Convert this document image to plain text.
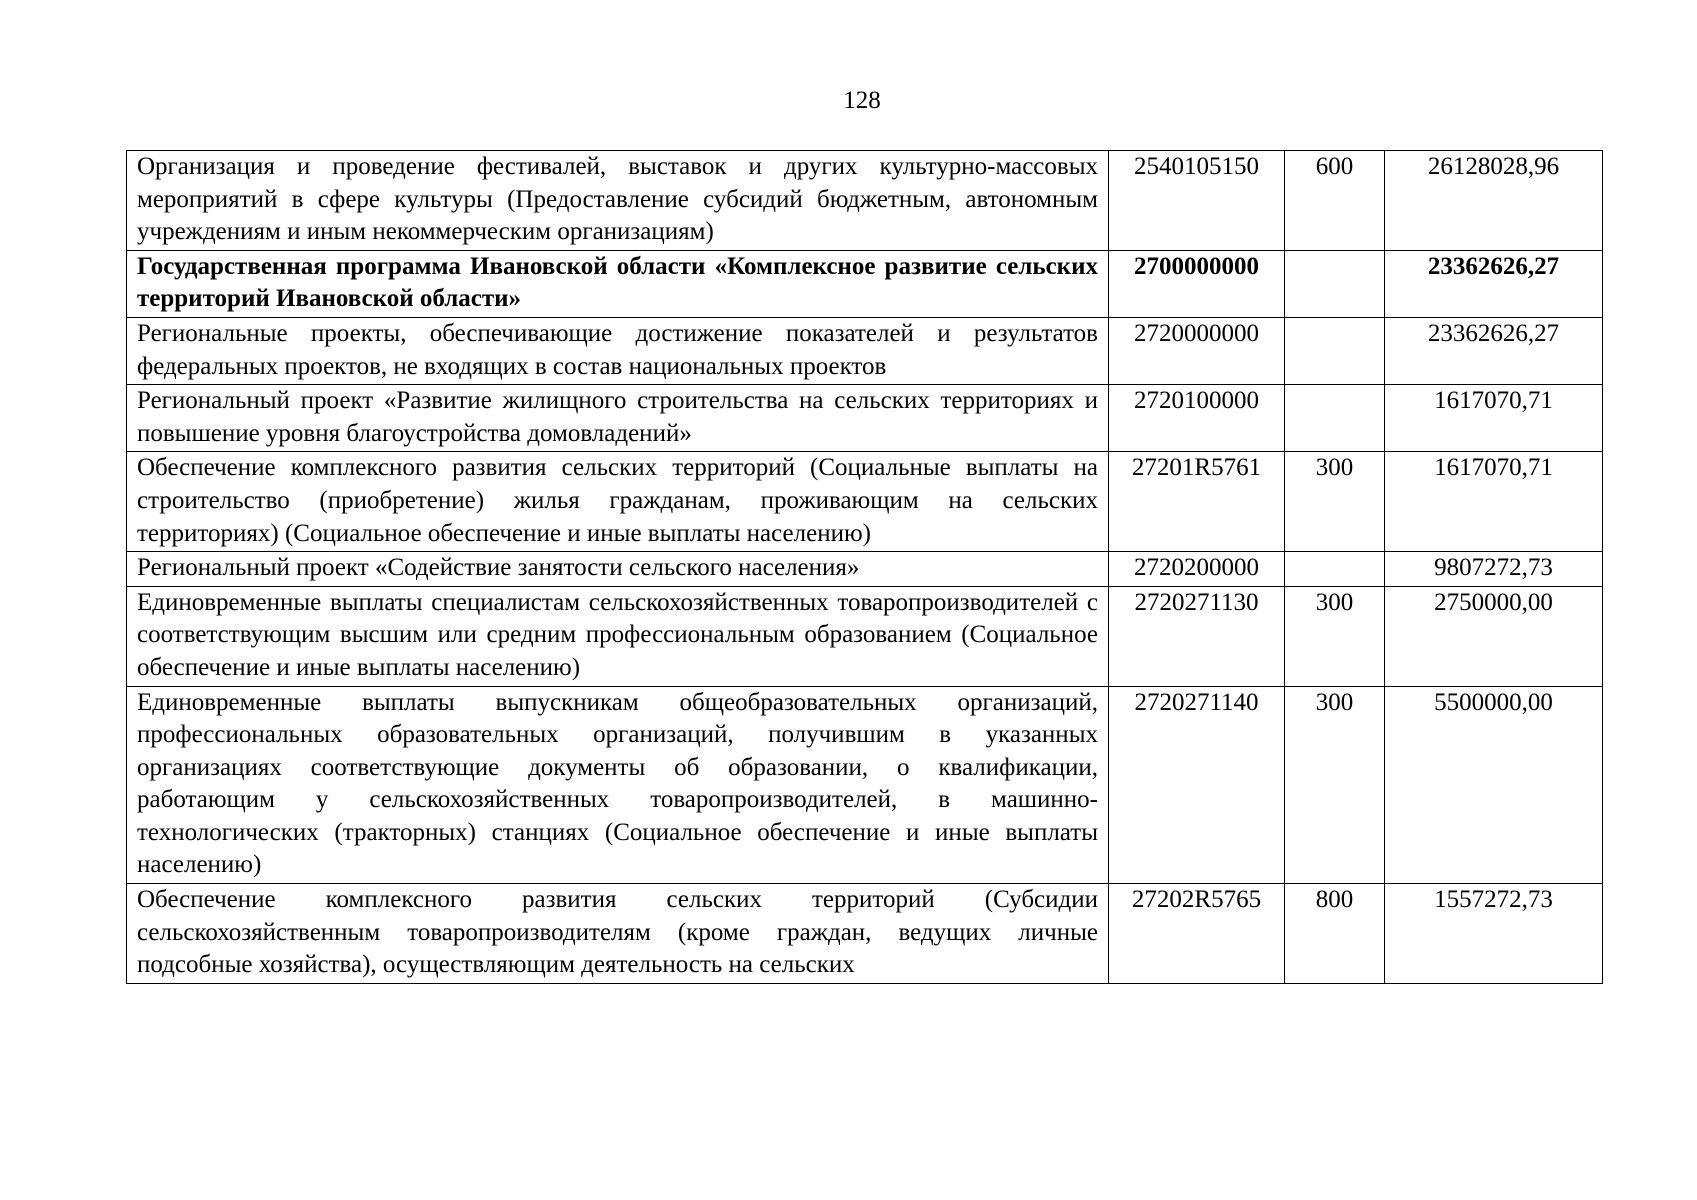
128
Организация и проведение фестивалей, выставок и других культурно-массовых мероприятий в сфере культуры (Предоставление субсидий бюджетным, автономным учреждениям и иным некоммерческим организациям)	2540105150	600	26128028,96
Государственная программа Ивановской области «Комплексное развитие сельских территорий Ивановской области»	2700000000		23362626,27
Региональные проекты, обеспечивающие достижение показателей и результатов федеральных проектов, не входящих в состав национальных проектов	2720000000		23362626,27
Региональный проект «Развитие жилищного строительства на сельских территориях и повышение уровня благоустройства домовладений»	2720100000		1617070,71
Обеспечение комплексного развития сельских территорий (Социальные выплаты на строительство (приобретение) жилья гражданам, проживающим на сельских территориях) (Социальное обеспечение и иные выплаты населению)	27201R5761	300	1617070,71
Региональный проект «Содействие занятости сельского населения»	2720200000		9807272,73
Единовременные выплаты специалистам сельскохозяйственных товаропроизводителей с соответствующим высшим или средним профессиональным образованием (Социальное обеспечение и иные выплаты населению)	2720271130	300	2750000,00
Единовременные выплаты выпускникам общеобразовательных организаций, профессиональных образовательных организаций, получившим в указанных организациях соответствующие документы об образовании, о квалификации, работающим у сельскохозяйственных товаропроизводителей, в машинно-технологических (тракторных) станциях (Социальное обеспечение и иные выплаты населению)	2720271140	300	5500000,00
Обеспечение комплексного развития сельских территорий (Субсидии сельскохозяйственным товаропроизводителям (кроме граждан, ведущих личные подсобные хозяйства), осуществляющим деятельность на сельских	27202R5765	800	1557272,73
